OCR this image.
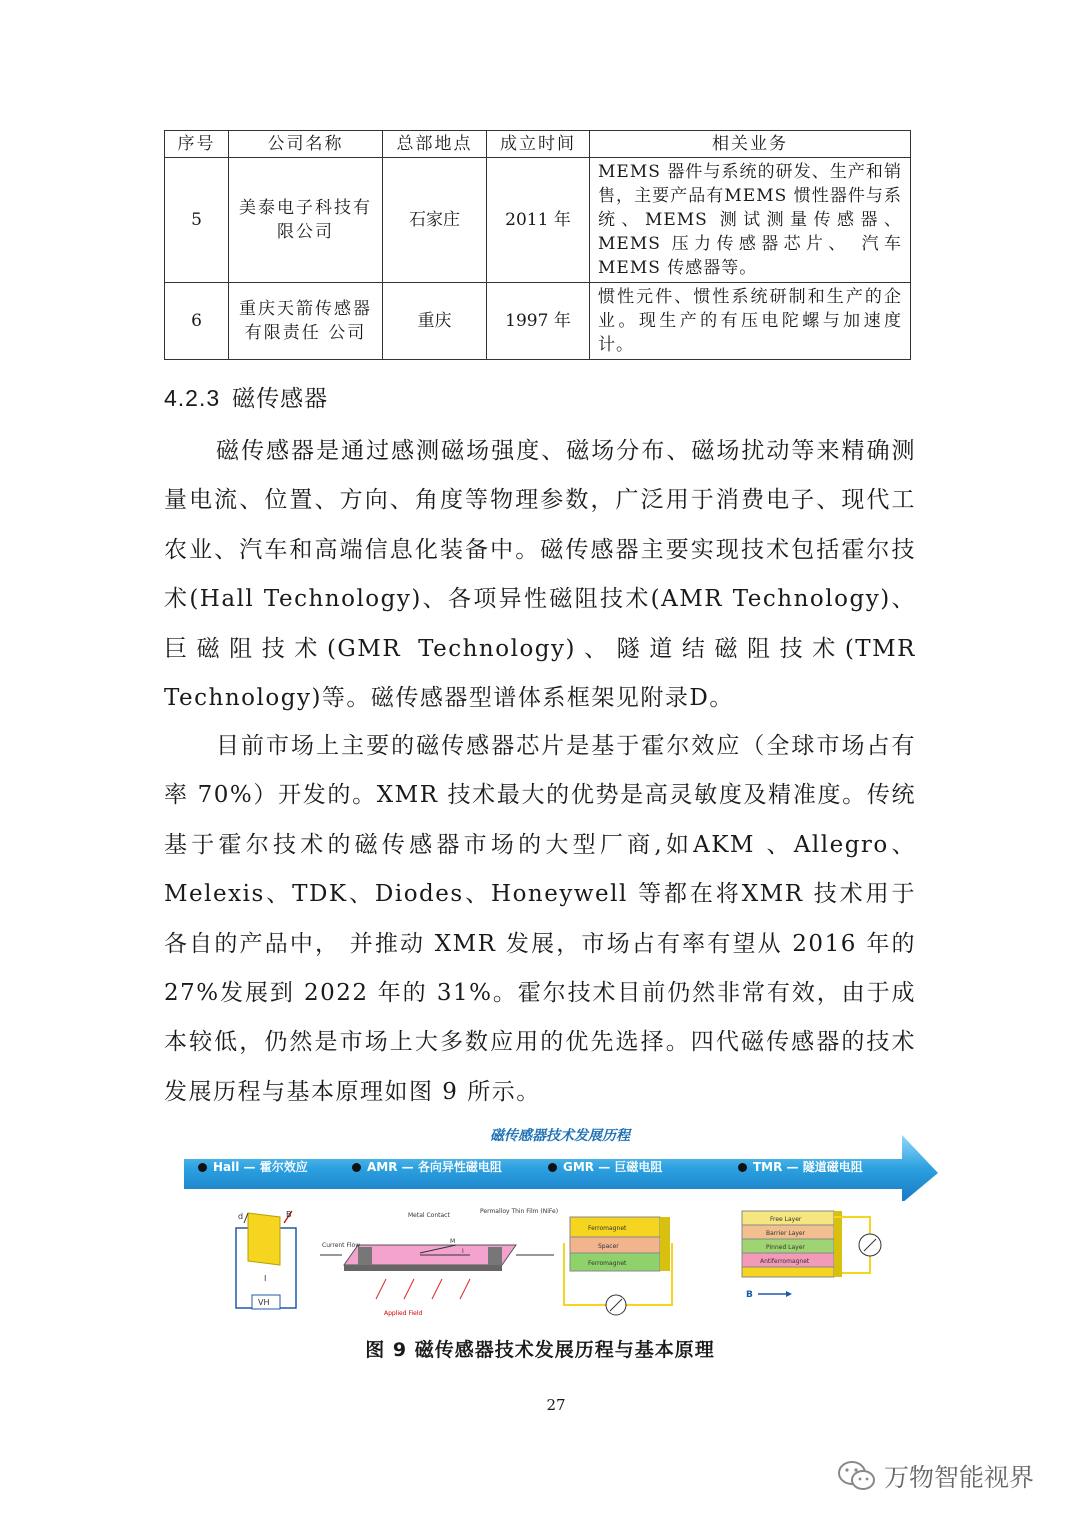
序号	公司名称	总部地点	成立时间	相关业务
5	美泰电子科技有限公司	石家庄	2011 年	MEMS 器件与系统的研发、生产和销售，主要产品有MEMS 惯性器件与系统、MEMS 测试测量传感器、MEMS 压力传感器芯片、 汽车MEMS 传感器等。
6	重庆天箭传感器有限责任 公司	重庆	1997 年	惯性元件、惯性系统研制和生产的企业。现生产的有压电陀螺与加速度计。
4.2.3 磁传感器

磁传感器是通过感测磁场强度、磁场分布、磁场扰动等来精确测量电流、位置、方向、角度等物理参数，广泛用于消费电子、现代工农业、汽车和高端信息化装备中。磁传感器主要实现技术包括霍尔技术(Hall Technology)、各项异性磁阻技术(AMR Technology)、巨磁阻技术(GMR Technology)、隧道结磁阻技术(TMR Technology)等。磁传感器型谱体系框架见附录D。

目前市场上主要的磁传感器芯片是基于霍尔效应（全球市场占有率 70%）开发的。XMR 技术最大的优势是高灵敏度及精准度。传统基于霍尔技术的磁传感器市场的大型厂商,如AKM 、Allegro、Melexis、TDK、Diodes、Honeywell 等都在将XMR 技术用于各自的产品中， 并推动 XMR 发展，市场占有率有望从 2016 年的 27%发展到 2022 年的 31%。霍尔技术目前仍然非常有效，由于成本较低，仍然是市场上大多数应用的优先选择。四代磁传感器的技术发展历程与基本原理如图 9 所示。

磁传感器技术发展历程
Hall — 霍尔效应	AMR — 各向异性磁电阻	GMR — 巨磁电阻	TMR — 隧道磁电阻
d	B
I
VH
Metal Contact
Permalloy Thin Film (NiFe)
Current Flow
M
I
Applied Field
Ferromagnet
Spacer
Ferromagnet
Free Layer
Barrier Layer
Pinned Layer
Antiferromagnet
B
图 9 磁传感器技术发展历程与基本原理
27
万物智能视界
